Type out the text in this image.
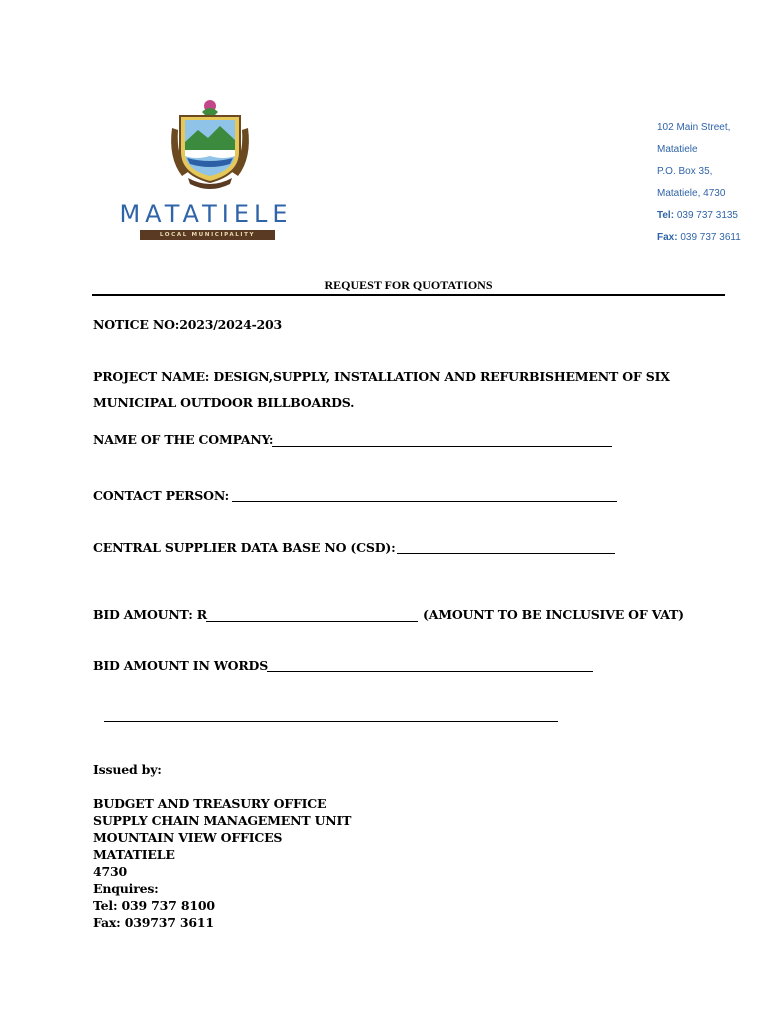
MATATIELE
LOCAL MUNICIPALITY
102 Main Street,
Matatiele
P.O. Box 35,
Matatiele, 4730
Tel: 039 737 3135
Fax: 039 737 3611
REQUEST FOR QUOTATIONS
NOTICE NO:2023/2024-203
PROJECT NAME: DESIGN,SUPPLY, INSTALLATION AND REFURBISHEMENT OF SIX
MUNICIPAL OUTDOOR BILLBOARDS.
NAME OF THE COMPANY:
CONTACT PERSON:
CENTRAL SUPPLIER DATA BASE NO (CSD):
BID AMOUNT: R	(AMOUNT TO BE INCLUSIVE OF VAT)
BID AMOUNT IN WORDS
Issued by:
BUDGET AND TREASURY OFFICE
SUPPLY CHAIN MANAGEMENT UNIT
MOUNTAIN VIEW OFFICES
MATATIELE
4730
Enquires:
Tel: 039 737 8100
Fax: 039737 3611
